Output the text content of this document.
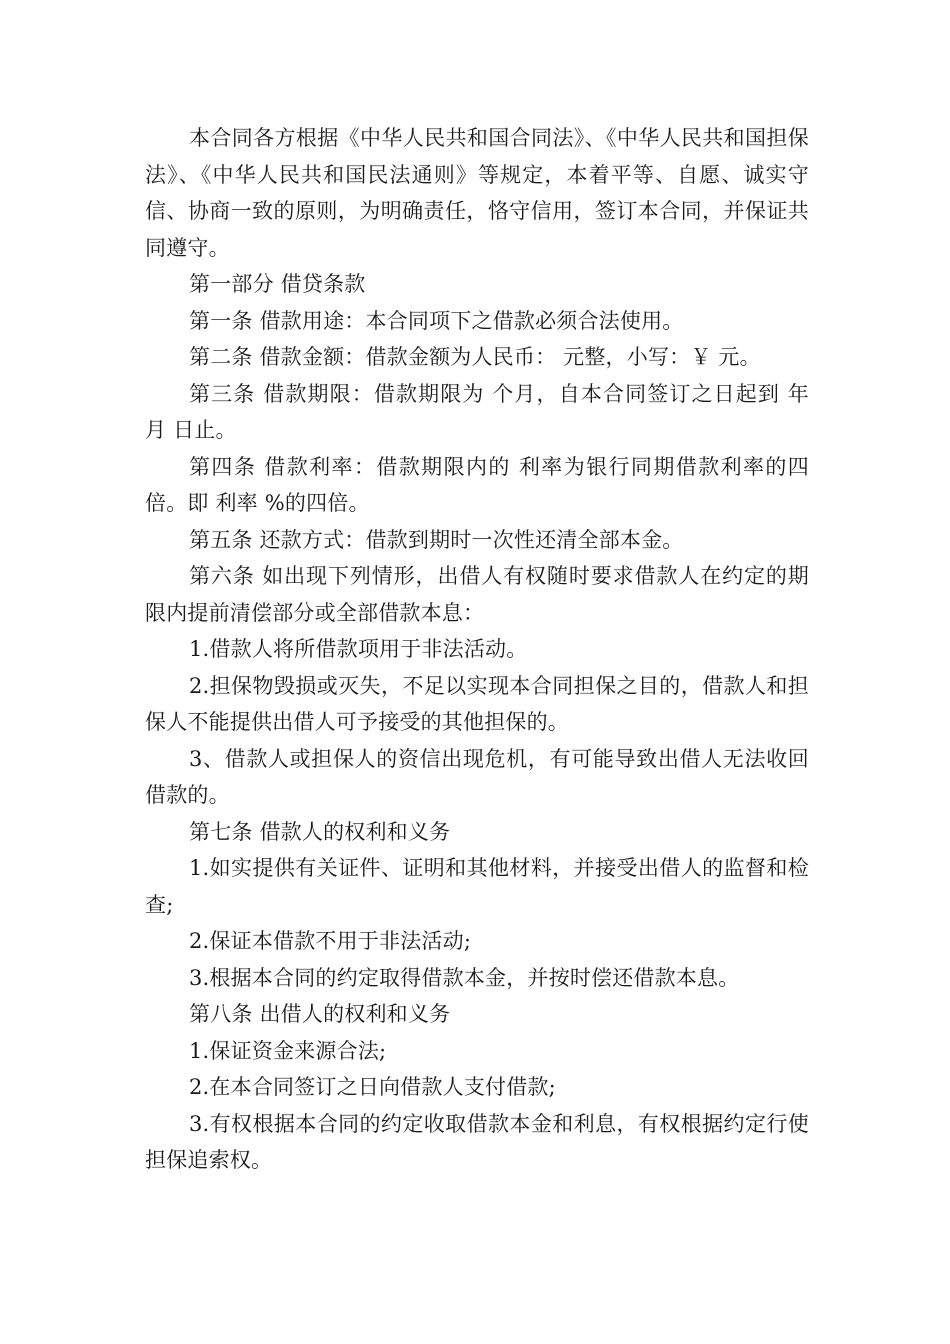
本合同各方根据《中华人民共和国合同法》、《中华人民共和国担保法》、《中华人民共和国民法通则》等规定，本着平等、自愿、诚实守信、协商一致的原则，为明确责任，恪守信用，签订本合同，并保证共同遵守。

第一部分 借贷条款

第一条 借款用途：本合同项下之借款必须合法使用。

第二条 借款金额：借款金额为人民币： 元整，小写：￥ 元。

第三条 借款期限：借款期限为 个月，自本合同签订之日起到 年 月 日止。

第四条 借款利率：借款期限内的 利率为银行同期借款利率的四倍。即 利率 %的四倍。

第五条 还款方式：借款到期时一次性还清全部本金。

第六条 如出现下列情形，出借人有权随时要求借款人在约定的期限内提前清偿部分或全部借款本息：

1.借款人将所借款项用于非法活动。

2.担保物毁损或灭失，不足以实现本合同担保之目的，借款人和担保人不能提供出借人可予接受的其他担保的。

3、借款人或担保人的资信出现危机，有可能导致出借人无法收回借款的。

第七条 借款人的权利和义务

1.如实提供有关证件、证明和其他材料，并接受出借人的监督和检查;

2.保证本借款不用于非法活动;

3.根据本合同的约定取得借款本金，并按时偿还借款本息。

第八条 出借人的权利和义务

1.保证资金来源合法;

2.在本合同签订之日向借款人支付借款;

3.有权根据本合同的约定收取借款本金和利息，有权根据约定行使担保追索权。
